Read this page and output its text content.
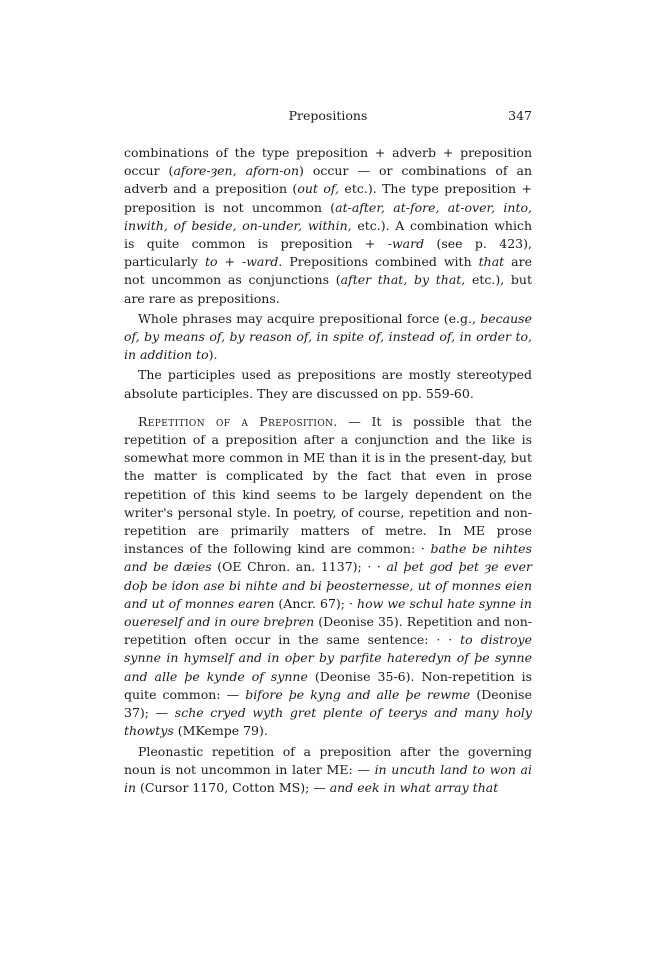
Prepositions	347

combinations of the type preposition + adverb + preposition occur (afore-ȝen, aforn-on) occur — or combinations of an adverb and a preposition (out of, etc.). The type preposition + preposition is not uncommon (at-after, at-fore, at-over, into, inwith, of beside, on-under, within, etc.). A combination which is quite common is preposition + -ward (see p. 423), particularly to + -ward. Prepositions combined with that are not uncommon as conjunctions (after that, by that, etc.), but are rare as prepositions.

Whole phrases may acquire prepositional force (e.g., because of, by means of, by reason of, in spite of, instead of, in order to, in addition to).

The participles used as prepositions are mostly stereotyped absolute participles. They are discussed on pp. 559-60.

Repetition of a Preposition. — It is possible that the repetition of a preposition after a conjunction and the like is somewhat more common in ME than it is in the present-day, but the matter is complicated by the fact that even in prose repetition of this kind seems to be largely dependent on the writer's personal style. In poetry, of course, repetition and non-repetition are primarily matters of metre. In ME prose instances of the following kind are common: · bathe be nihtes and be dæies (OE Chron. an. 1137); · · al þet god þet ȝe ever doþ be idon ase bi nihte and bi þeosternesse, ut of monnes eien and ut of monnes earen (Ancr. 67); · how we schul hate synne in ouereself and in oure breþren (Deonise 35). Repetition and non-repetition often occur in the same sentence: · · to distroye synne in hymself and in oþer by parfite hateredyn of þe synne and alle þe kynde of synne (Deonise 35-6). Non-repetition is quite common: — bifore þe kyng and alle þe rewme (Deonise 37); — sche cryed wyth gret plente of teerys and many holy thowtys (MKempe 79).

Pleonastic repetition of a preposition after the governing noun is not uncommon in later ME: — in uncuth land to won ai in (Cursor 1170, Cotton MS); — and eek in what array that
